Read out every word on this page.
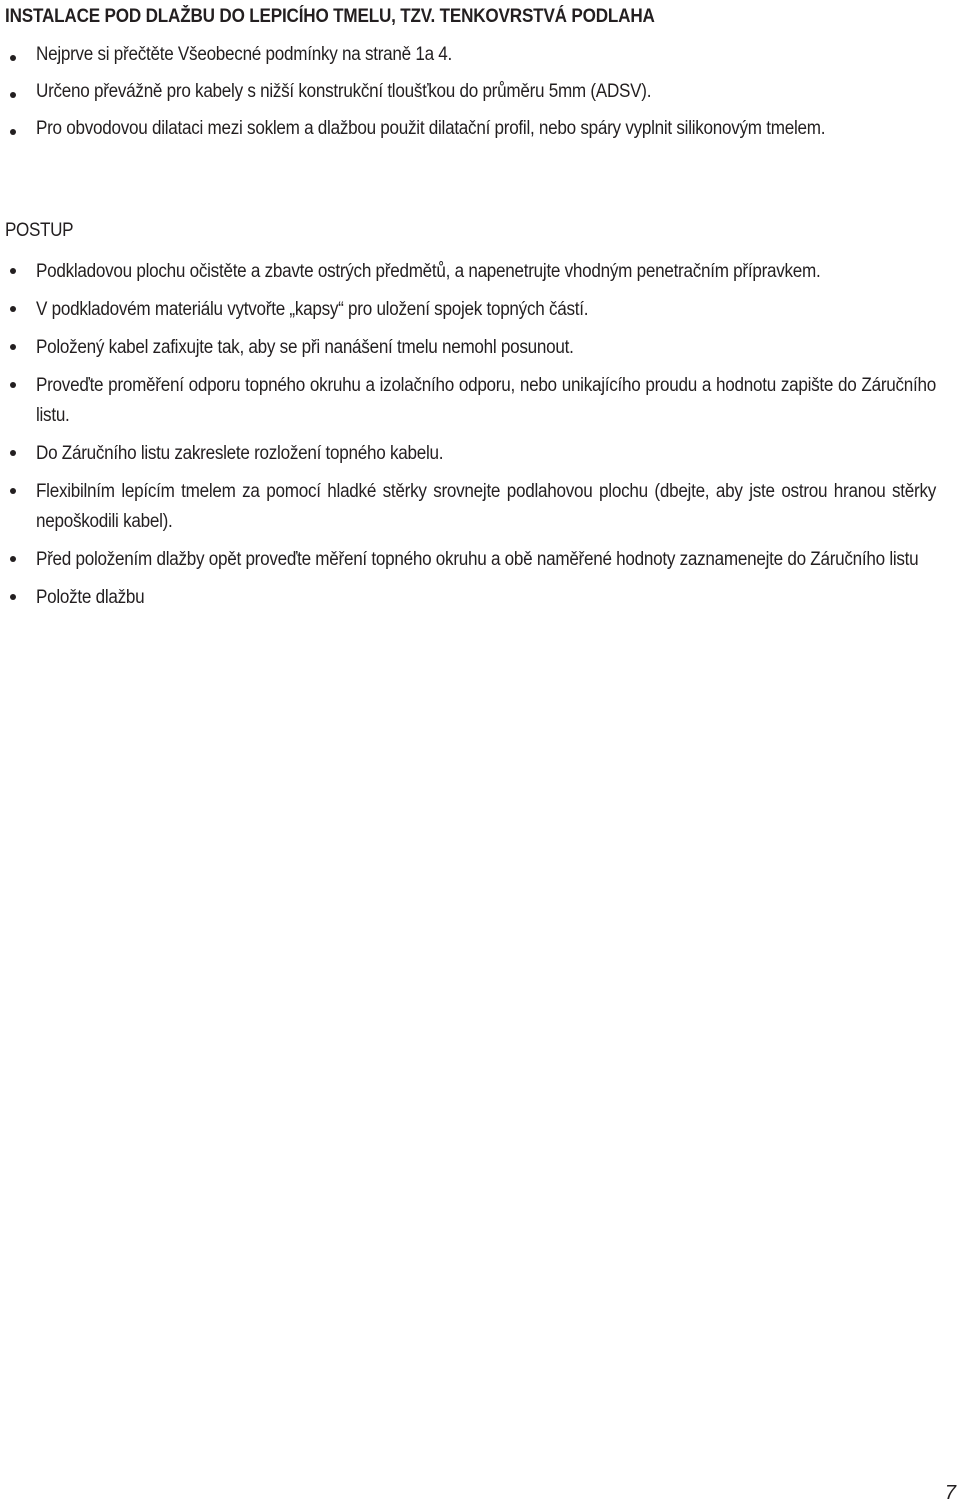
INSTALACE POD DLAŽBU DO LEPICÍHO TMELU, TZV. TENKOVRSTVÁ PODLAHA
Nejprve si přečtěte Všeobecné podmínky na straně 1a 4.
Určeno převážně pro kabely s nižší konstrukční tloušťkou do průměru 5mm (ADSV).
Pro obvodovou dilataci mezi soklem a dlažbou použit dilatační profil, nebo spáry vyplnit silikonovým tmelem.
POSTUP
Podkladovou plochu očistěte a zbavte ostrých předmětů, a napenetrujte vhodným penetračním přípravkem.
V podkladovém materiálu vytvořte „kapsy“ pro uložení spojek topných částí.
Položený kabel zafixujte tak, aby se při nanášení tmelu nemohl posunout.
Proveďte proměření odporu topného okruhu a izolačního odporu, nebo unikajícího proudu a hodnotu zapište do Záručního listu.
Do Záručního listu zakreslete rozložení topného kabelu.
Flexibilním lepícím tmelem za pomocí hladké stěrky srovnejte podlahovou plochu (dbejte, aby jste ostrou hranou stěrky nepoškodili kabel).
Před položením dlažby opět proveďte měření topného okruhu a obě naměřené hodnoty zaznamenejte do Záručního listu
Položte dlažbu
7
